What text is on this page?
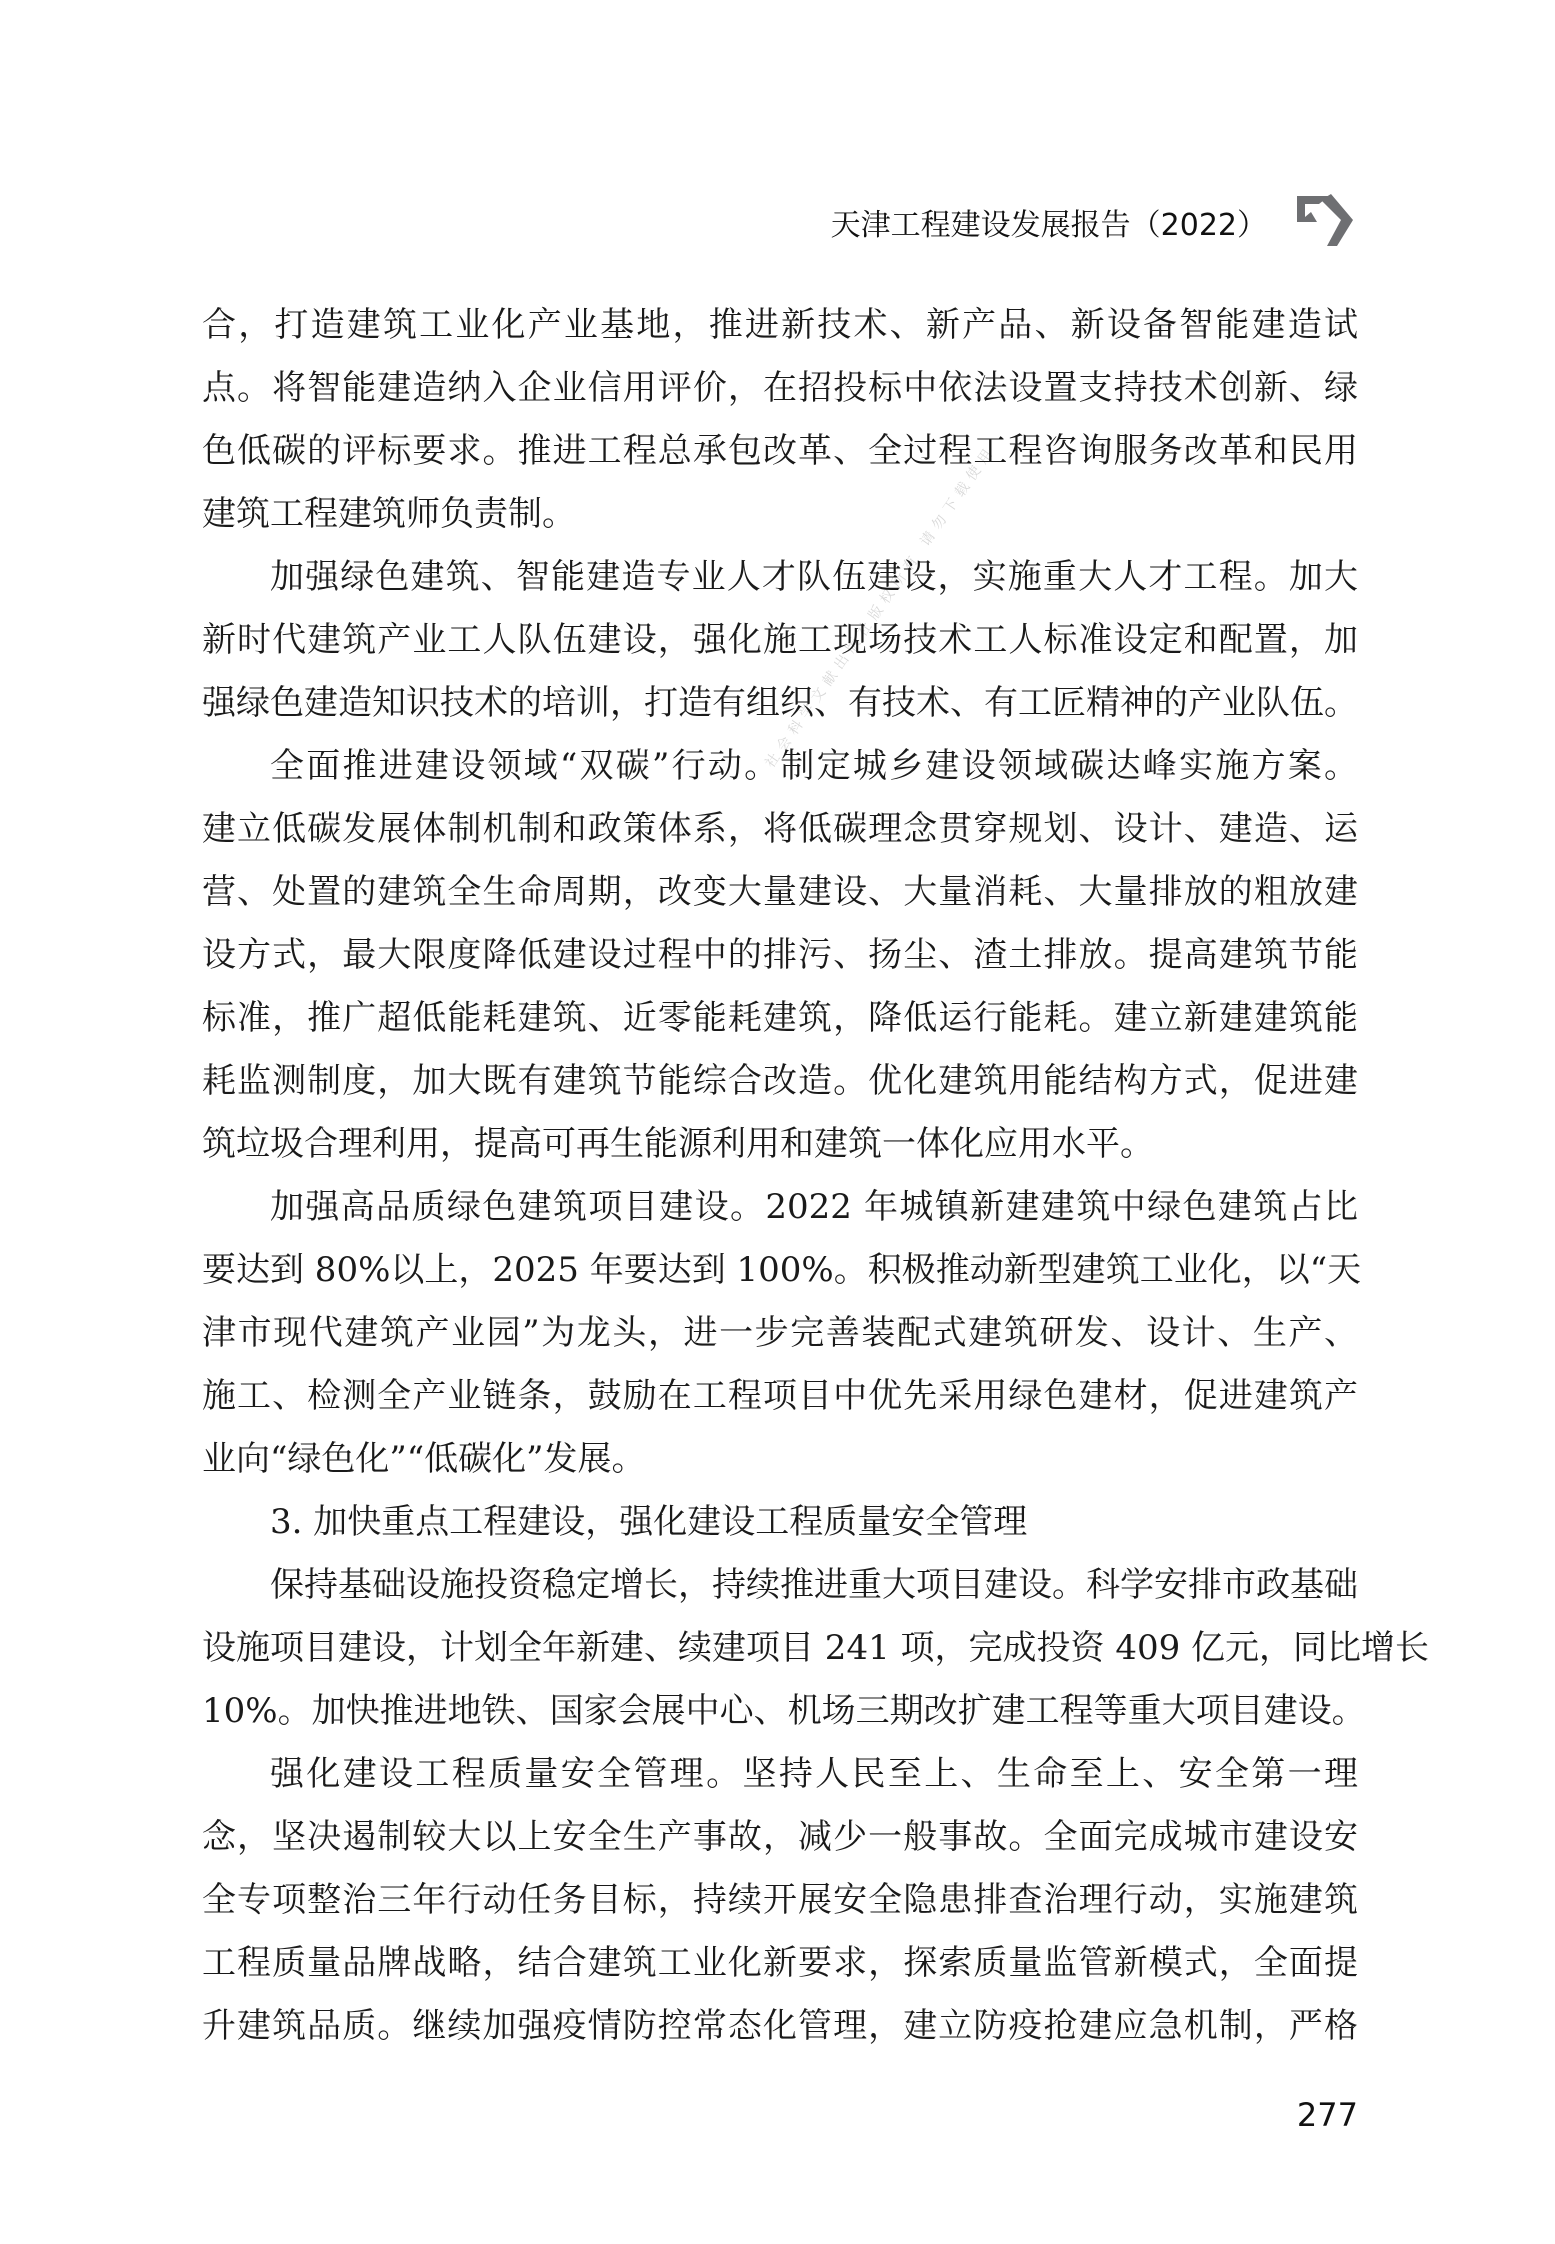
天津工程建设发展报告（2022）
社会科学文献出版社版权所有 请勿下载使用
合，打造建筑工业化产业基地，推进新技术、新产品、新设备智能建造试
点。将智能建造纳入企业信用评价，在招投标中依法设置支持技术创新、绿
色低碳的评标要求。推进工程总承包改革、全过程工程咨询服务改革和民用
建筑工程建筑师负责制。
加强绿色建筑、智能建造专业人才队伍建设，实施重大人才工程。加大
新时代建筑产业工人队伍建设，强化施工现场技术工人标准设定和配置，加
强绿色建造知识技术的培训，打造有组织、有技术、有工匠精神的产业队伍。
全面推进建设领域“双碳”行动。制定城乡建设领域碳达峰实施方案。
建立低碳发展体制机制和政策体系，将低碳理念贯穿规划、设计、建造、运
营、处置的建筑全生命周期，改变大量建设、大量消耗、大量排放的粗放建
设方式，最大限度降低建设过程中的排污、扬尘、渣土排放。提高建筑节能
标准，推广超低能耗建筑、近零能耗建筑，降低运行能耗。建立新建建筑能
耗监测制度，加大既有建筑节能综合改造。优化建筑用能结构方式，促进建
筑垃圾合理利用，提高可再生能源利用和建筑一体化应用水平。
加强高品质绿色建筑项目建设。2022 年城镇新建建筑中绿色建筑占比
要达到 80%以上，2025 年要达到 100%。积极推动新型建筑工业化，以“天
津市现代建筑产业园”为龙头，进一步完善装配式建筑研发、设计、生产、
施工、检测全产业链条，鼓励在工程项目中优先采用绿色建材，促进建筑产
业向“绿色化”“低碳化”发展。
3. 加快重点工程建设，强化建设工程质量安全管理
保持基础设施投资稳定增长，持续推进重大项目建设。科学安排市政基础
设施项目建设，计划全年新建、续建项目 241 项，完成投资 409 亿元，同比增长
10%。加快推进地铁、国家会展中心、机场三期改扩建工程等重大项目建设。
强化建设工程质量安全管理。坚持人民至上、生命至上、安全第一理
念，坚决遏制较大以上安全生产事故，减少一般事故。全面完成城市建设安
全专项整治三年行动任务目标，持续开展安全隐患排查治理行动，实施建筑
工程质量品牌战略，结合建筑工业化新要求，探索质量监管新模式，全面提
升建筑品质。继续加强疫情防控常态化管理，建立防疫抢建应急机制，严格
277
